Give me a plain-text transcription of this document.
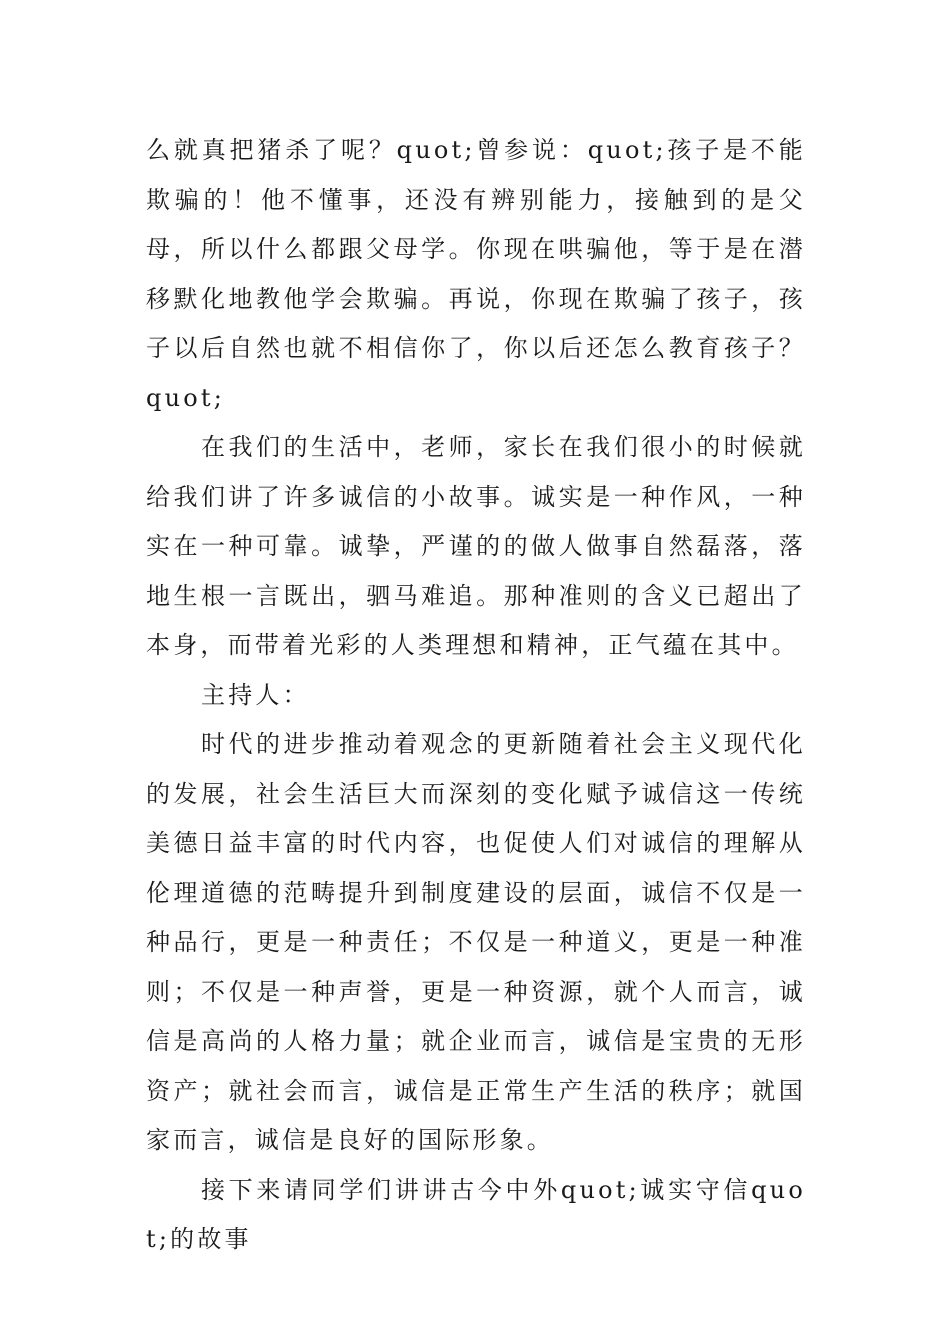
么就真把猪杀了呢？quot;曾参说：quot;孩子是不能欺骗的！他不懂事，还没有辨别能力，接触到的是父母，所以什么都跟父母学。你现在哄骗他，等于是在潜移默化地教他学会欺骗。再说，你现在欺骗了孩子，孩子以后自然也就不相信你了，你以后还怎么教育孩子？quot;

在我们的生活中，老师，家长在我们很小的时候就给我们讲了许多诚信的小故事。诚实是一种作风，一种实在一种可靠。诚挚，严谨的的做人做事自然磊落，落地生根一言既出，驷马难追。那种准则的含义已超出了本身，而带着光彩的人类理想和精神，正气蕴在其中。

主持人：

时代的进步推动着观念的更新随着社会主义现代化的发展，社会生活巨大而深刻的变化赋予诚信这一传统美德日益丰富的时代内容，也促使人们对诚信的理解从伦理道德的范畴提升到制度建设的层面，诚信不仅是一种品行，更是一种责任；不仅是一种道义，更是一种准则；不仅是一种声誉，更是一种资源，就个人而言，诚信是高尚的人格力量；就企业而言，诚信是宝贵的无形资产；就社会而言，诚信是正常生产生活的秩序；就国家而言，诚信是良好的国际形象。

接下来请同学们讲讲古今中外quot;诚实守信quot;的故事
